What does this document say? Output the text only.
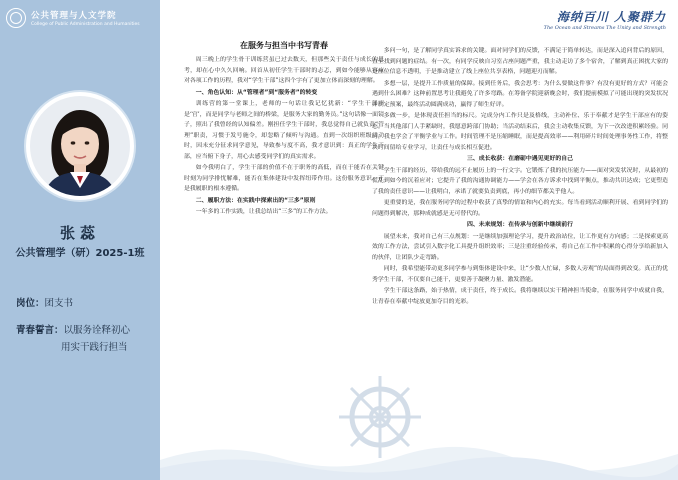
公共管理与人文学院
College of Public Administration and Humanities
张蕊
公共管理学（研）2025-1班
岗位：团支书
青春誓言：以服务诠释初心
用实干践行担当
海纳百川 人聚群力
The Ocean and Streams The Unity and Strength
在服务与担当中书写青春

周三晚上的学生骨干训练营虽已过去数天，但那些关于责任与成长的思考，却在心中久久回响。回首从初任学生干部时的忐忑，到如今能够从容应对各项工作的历程，我对“学生干部”这四个字有了更加立体而深刻的理解。

一、角色认知：从“管理者”到“服务者”的转变

训练营的第一堂课上，老师的一句话让我记忆犹新：“学生干部不是‘官’，而是同学与老师之间的桥梁，是服务大家的勤务员。”这句话像一面镜子，照出了我曾经的认知偏差。刚担任学生干部时，我总觉得自己就负责“管理”职责，习惯于发号施令，却忽略了倾听与沟通。直到一次组织班级活动时，因未充分征求同学意见，导致参与度不高，我才意识到：真正的学生干部，应当俯下身子，用心去感受同学们的真实需求。

如今我明白了，学生干部的价值不在于职务的高低，而在于能否在关键时刻为同学排忧解难，能否在集体建设中发挥纽带作用。这份服务意识，正是我履职的根本遵循。

二、履职方法：在实践中探索出的“三多”原则

一年多的工作实践，让我总结出“三多”的工作方法。

多问一句，是了解同学真实诉求的关键。面对同学们的反馈，不满足于简单转达，而是深入追问背后的原因，直至找到问题的症结。有一次，有同学反映自习室占座问题严重，我主动走访了多个宿舍，了解到真正困扰大家的是座位信息不透明，于是推动建立了线上座位共享表格，问题迎刃而解。

多想一层，是提升工作质量的保障。接到任务后，我会思考：为什么要做这件事？有没有更好的方式？可能会遇到什么困难？这种前置思考让我避免了许多弯路。在筹备学院迎新晚会时，我们提前模拟了可能出现的突发状况并制定预案，最终活动圆满成功，赢得了师生好评。

多做一步，是体现责任担当的标尺。完成分内工作只是及格线，主动补位、乐于奉献才是学生干部应有的姿态。当其他部门人手紧缺时，我愿意跨部门协助；当活动结束后，我会主动收集反馈，为下一次改进积累经验。同时，我也学会了平衡学业与工作。时间管理不是压缩睡眠，而是提高效率——利用碎片时间处理事务性工作，将整块时间留给专业学习，让责任与成长相互促进。

三、成长收获：在磨砺中遇见更好的自己

学生干部的经历，带给我的远不止履历上的一行文字。它锻炼了我的抗压能力——面对突发状况时，从最初的慌乱到如今的沉着应对；它提升了我的沟通协调能力——学会在各方诉求中找到平衡点，推动共识达成；它更塑造了我的责任意识——让我明白，承诺了就要负责到底，再小的细节都关乎他人。

更重要的是，我在服务同学的过程中收获了真挚的情谊和内心的充实。每当看到活动顺利开展、看到同学们的问题得到解决，那种成就感是无可替代的。

四、未来规划：在传承与创新中继续前行

展望未来，我对自己有三点规划：一是继续加强理论学习，提升政治站位，让工作更有方向感；二是探索更高效的工作方法，尝试引入数字化工具提升组织效率；三是注重经验传承，将自己在工作中积累的心得分享给新加入的伙伴，让团队少走弯路。

同时，我希望能带动更多同学参与到集体建设中来，让“少数人忙碌，多数人旁观”的局面得到改变。真正的优秀学生干部，不仅要自己能干，更要善于凝聚力量、激发潜能。

学生干部这条路，始于热情，成于责任，终于成长。我将继续以实干精神担当使命，在服务同学中成就自我，让青春在奉献中绽放更加夺目的光彩。
